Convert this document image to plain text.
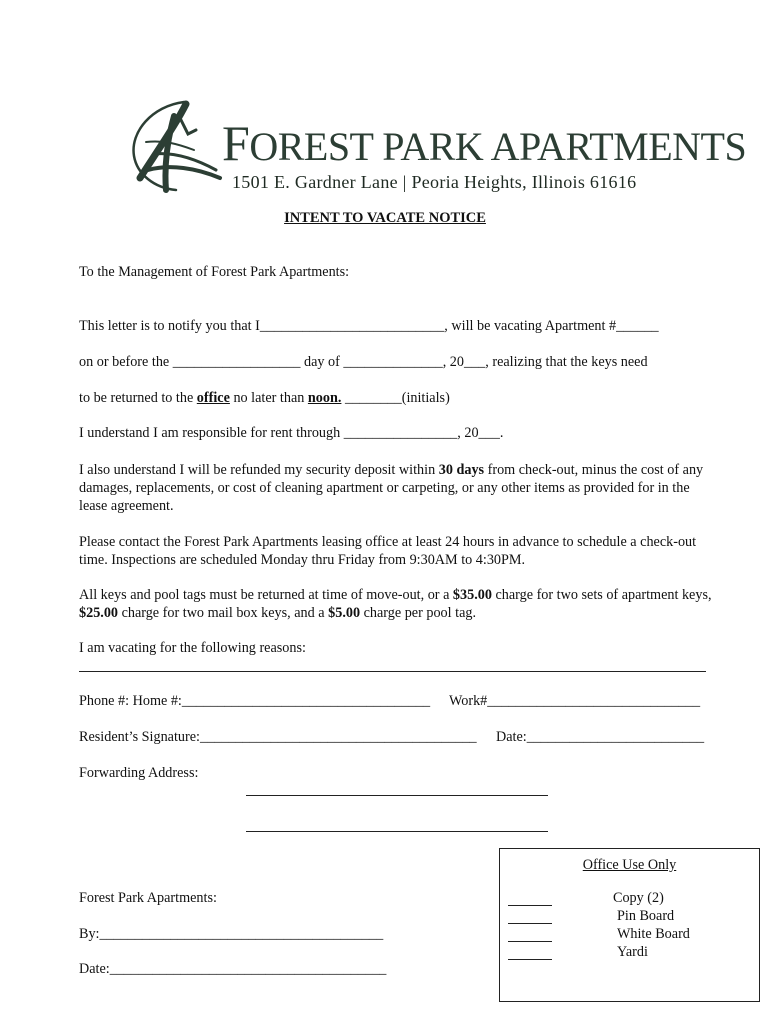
FOREST PARK APARTMENTS
1501 E. Gardner Lane | Peoria Heights, Illinois 61616
INTENT TO VACATE NOTICE
To the Management of Forest Park Apartments:
This letter is to notify you that I__________________________, will be vacating Apartment #______
on or before the __________________ day of ______________, 20___, realizing that the keys need
to be returned to the office no later than noon. ________(initials)
I understand I am responsible for rent through ________________, 20___.
I also understand I will be refunded my security deposit within 30 days from check-out, minus the cost of any damages, replacements, or cost of cleaning apartment or carpeting, or any other items as provided for in the lease agreement.
Please contact the Forest Park Apartments leasing office at least 24 hours in advance to schedule a check-out time. Inspections are scheduled Monday thru Friday from 9:30AM to 4:30PM.
All keys and pool tags must be returned at time of move-out, or a $35.00 charge for two sets of apartment keys, $25.00 charge for two mail box keys, and a $5.00 charge per pool tag.
I am vacating for the following reasons:
Phone #: Home #:___________________________________ Work#______________________________
Resident’s Signature:_______________________________________ Date:_________________________
Forwarding Address:
Forest Park Apartments:
By:________________________________________
Date:_______________________________________
Office Use Only
Copy (2)
Pin Board
White Board
Yardi
